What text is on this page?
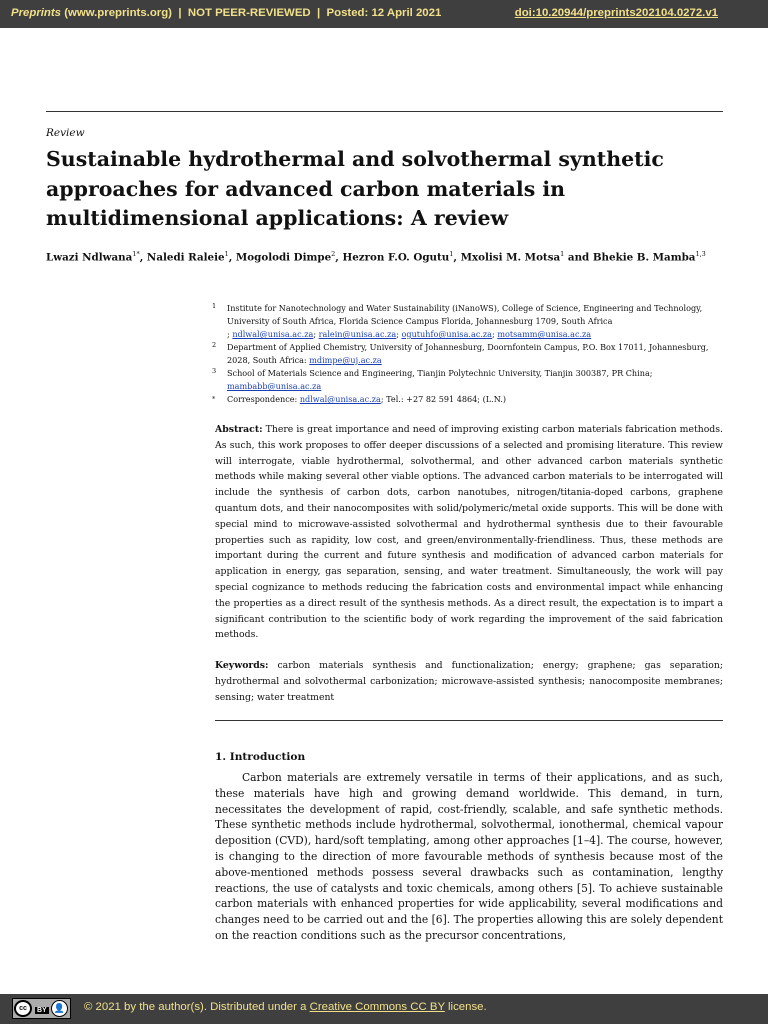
Preprints (www.preprints.org) | NOT PEER-REVIEWED | Posted: 12 April 2021	doi:10.20944/preprints202104.0272.v1
Review
Sustainable hydrothermal and solvothermal synthetic approaches for advanced carbon materials in multidimensional applications: A review
Lwazi Ndlwana$^{1*}$, Naledi Raleie$^1$, Mogolodi Dimpe$^2$, Hezron F.O. Ogutu$^1$, Mxolisi M. Motsa$^1$ and Bhekie B. Mamba$^{1,3}$
1	Institute for Nanotechnology and Water Sustainability (iNanoWS), College of Science, Engineering and Technology, University of South Africa, Florida Science Campus Florida, Johannesburg 1709, South Africa
; ndlwal@unisa.ac.za; ralein@unisa.ac.za; ogutuhfo@unisa.ac.za; motsamm@unisa.ac.za
2	Department of Applied Chemistry, University of Johannesburg, Doornfontein Campus, P.O. Box 17011, Johannesburg, 2028, South Africa: mdimpe@uj.ac.za
3	School of Materials Science and Engineering, Tianjin Polytechnic University, Tianjin 300387, PR China;
mambabb@unisa.ac.za
*	Correspondence: ndlwal@unisa.ac.za; Tel.: +27 82 591 4864; (L.N.)
Abstract: There is great importance and need of improving existing carbon materials fabrication methods. As such, this work proposes to offer deeper discussions of a selected and promising literature. This review will interrogate, viable hydrothermal, solvothermal, and other advanced carbon materials synthetic methods while making several other viable options. The advanced carbon materials to be interrogated will include the synthesis of carbon dots, carbon nanotubes, nitrogen/titania-doped carbons, graphene quantum dots, and their nanocomposites with solid/polymeric/metal oxide supports. This will be done with special mind to microwave-assisted solvothermal and hydrothermal synthesis due to their favourable properties such as rapidity, low cost, and green/environmentally-friendliness. Thus, these methods are important during the current and future synthesis and modification of advanced carbon materials for application in energy, gas separation, sensing, and water treatment. Simultaneously, the work will pay special cognizance to methods reducing the fabrication costs and environmental impact while enhancing the properties as a direct result of the synthesis methods. As a direct result, the expectation is to impart a significant contribution to the scientific body of work regarding the improvement of the said fabrication methods.
Keywords: carbon materials synthesis and functionalization; energy; graphene; gas separation; hydrothermal and solvothermal carbonization; microwave-assisted synthesis; nanocomposite membranes; sensing; water treatment
1. Introduction
Carbon materials are extremely versatile in terms of their applications, and as such, these materials have high and growing demand worldwide. This demand, in turn, necessitates the development of rapid, cost-friendly, scalable, and safe synthetic methods. These synthetic methods include hydrothermal, solvothermal, ionothermal, chemical vapour deposition (CVD), hard/soft templating, among other approaches [1–4]. The course, however, is changing to the direction of more favourable methods of synthesis because most of the above-mentioned methods possess several drawbacks such as contamination, lengthy reactions, the use of catalysts and toxic chemicals, among others [5]. To achieve sustainable carbon materials with enhanced properties for wide applicability, several modifications and changes need to be carried out and the [6]. The properties allowing this are solely dependent on the reaction conditions such as the precursor concentrations,
cc	BY 👤 © 2021 by the author(s). Distributed under a Creative Commons CC BY license.
